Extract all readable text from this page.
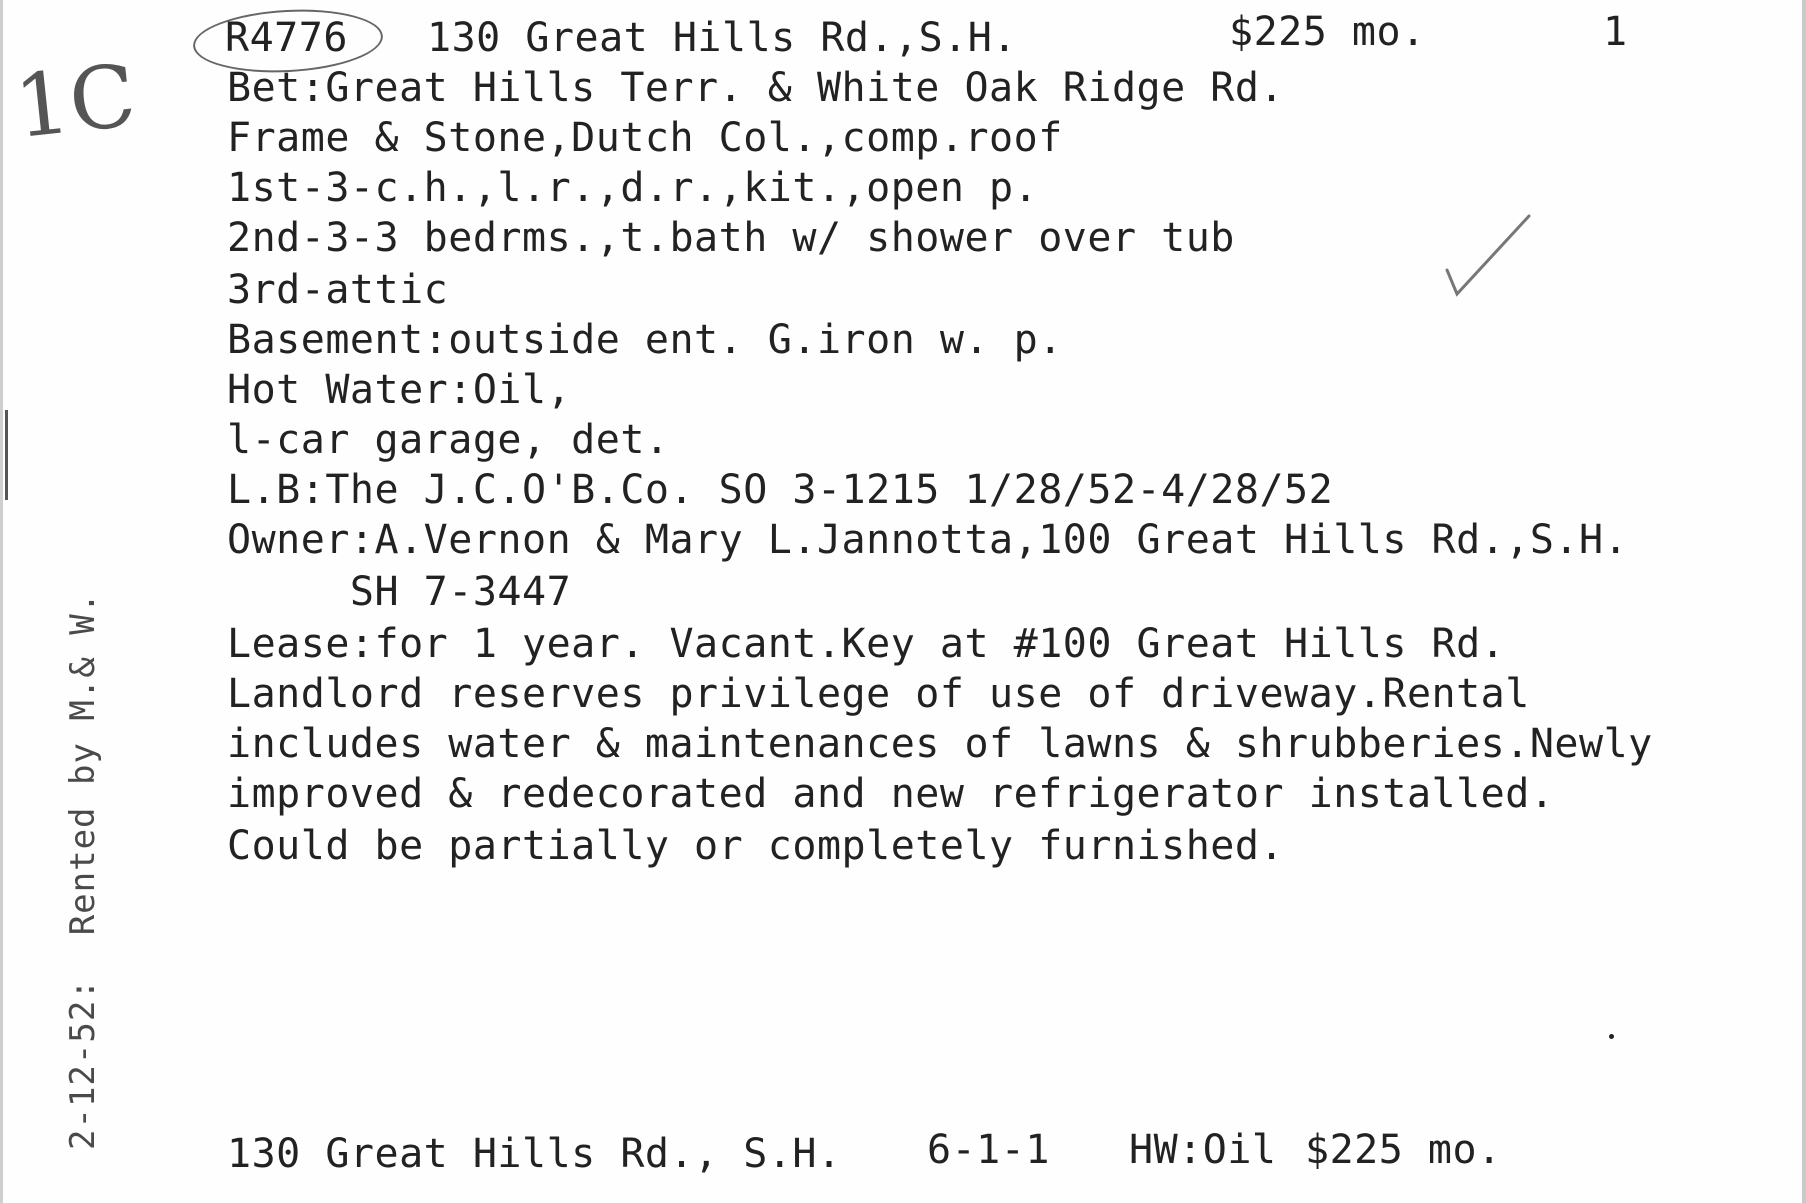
R4776 130 Great Hills Rd.,S.H.	$225 mo.	1
1C Bet:Great Hills Terr. & White Oak Ridge Rd.
Frame & Stone,Dutch Col.,comp.roof
1st-3-c.h.,l.r.,d.r.,kit.,open p.
2nd-3-3 bedrms.,t.bath w/ shower over tub
3rd-attic
Basement:outside ent. G.iron w. p.
Hot Water:Oil,
l-car garage, det.
L.B:The J.C.O'B.Co. SO 3-1215 1/28/52-4/28/52
Owner:A.Vernon & Mary L.Jannotta,100 Great Hills Rd.,S.H.
SH 7-3447
Lease:for 1 year. Vacant.Key at #100 Great Hills Rd.
Landlord reserves privilege of use of driveway.Rental
includes water & maintenances of lawns & shrubberies.Newly
improved & redecorated and new refrigerator installed.
Could be partially or completely furnished.
2-12-52:  Rented by M.& W.
130 Great Hills Rd., S.H. 6-1-1 HW:Oil $225 mo.
